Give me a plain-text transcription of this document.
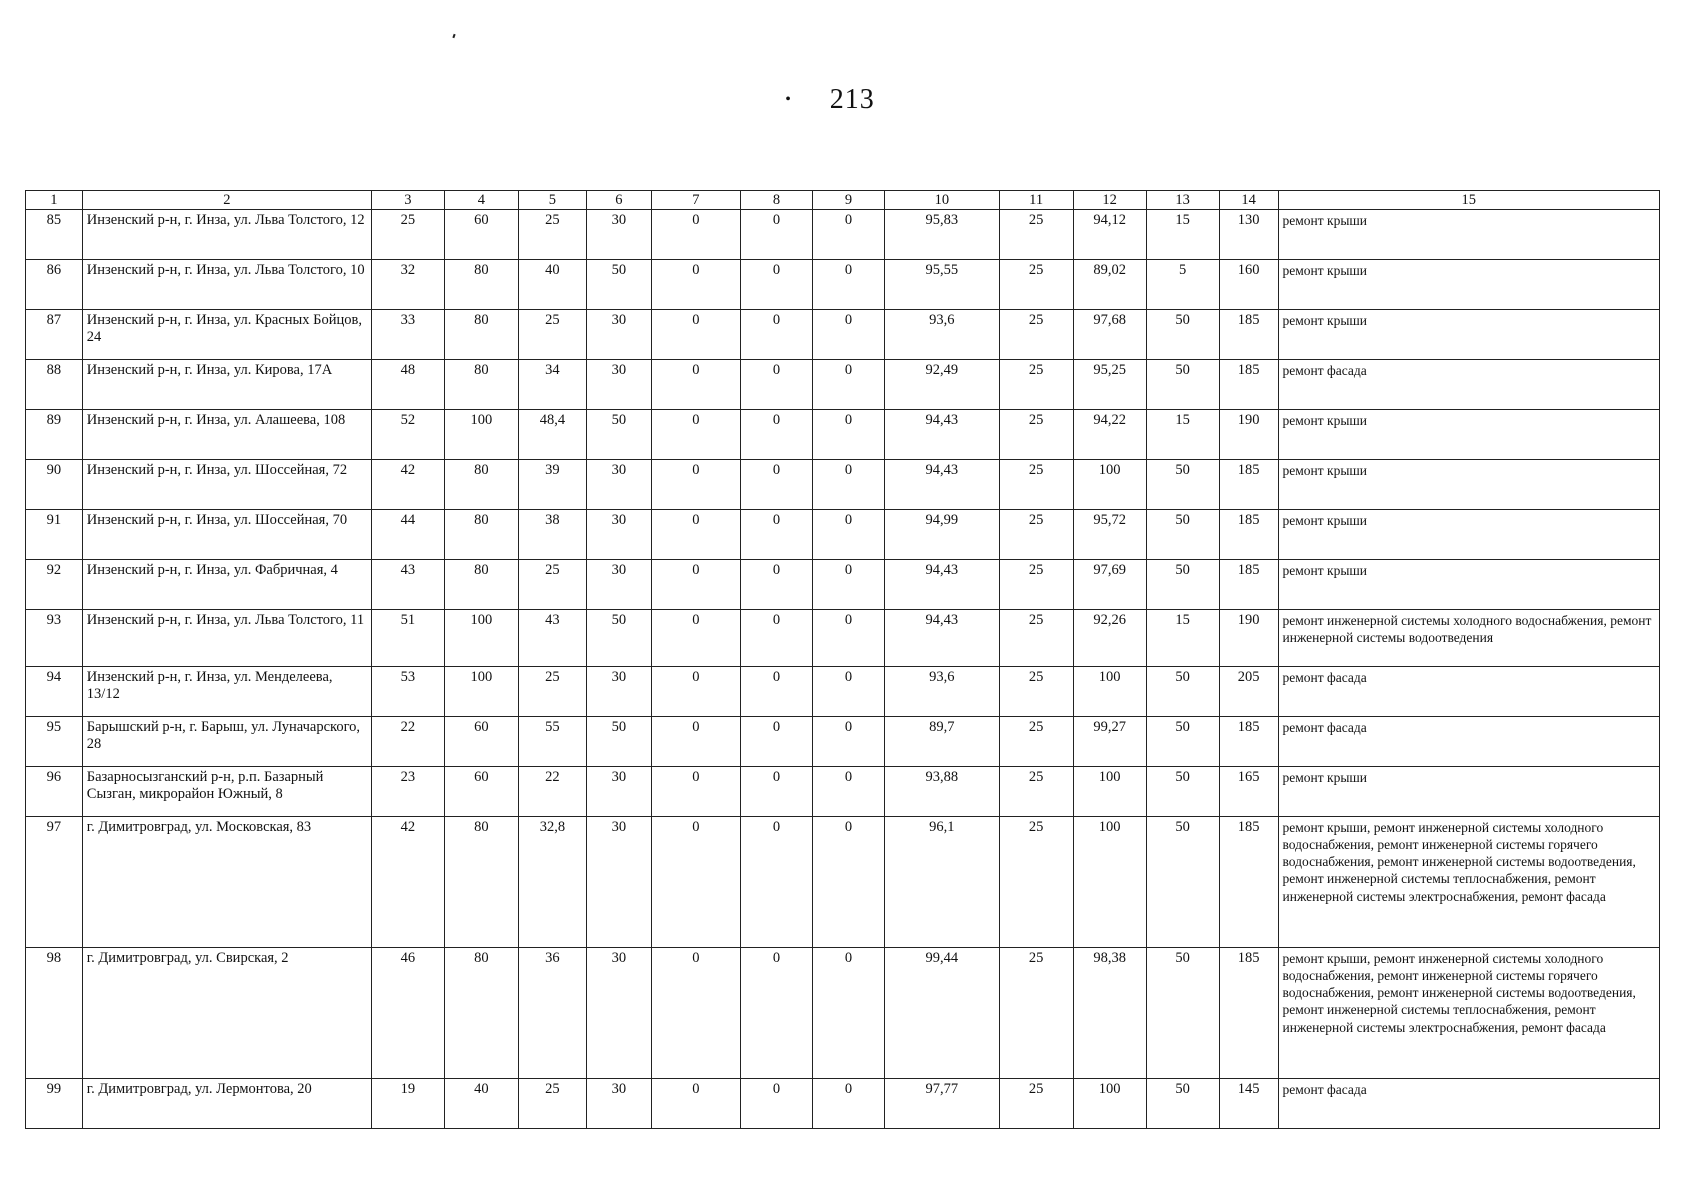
• 213
1	2	3	4	5	6	7	8	9	10	11	12	13	14	15
85	Инзенский р-н, г. Инза, ул. Льва Толстого, 12	25	60	25	30	0	0	0	95,83	25	94,12	15	130	ремонт крыши
86	Инзенский р-н, г. Инза, ул. Льва Толстого, 10	32	80	40	50	0	0	0	95,55	25	89,02	5	160	ремонт крыши
87	Инзенский р-н, г. Инза, ул. Красных Бойцов, 24	33	80	25	30	0	0	0	93,6	25	97,68	50	185	ремонт крыши
88	Инзенский р-н, г. Инза, ул. Кирова, 17А	48	80	34	30	0	0	0	92,49	25	95,25	50	185	ремонт фасада
89	Инзенский р-н, г. Инза, ул. Алашеева, 108	52	100	48,4	50	0	0	0	94,43	25	94,22	15	190	ремонт крыши
90	Инзенский р-н, г. Инза, ул. Шоссейная, 72	42	80	39	30	0	0	0	94,43	25	100	50	185	ремонт крыши
91	Инзенский р-н, г. Инза, ул. Шоссейная, 70	44	80	38	30	0	0	0	94,99	25	95,72	50	185	ремонт крыши
92	Инзенский р-н, г. Инза, ул. Фабричная, 4	43	80	25	30	0	0	0	94,43	25	97,69	50	185	ремонт крыши
93	Инзенский р-н, г. Инза, ул. Льва Толстого, 11	51	100	43	50	0	0	0	94,43	25	92,26	15	190	ремонт инженерной системы холодного водоснабжения, ремонт инженерной системы водоотведения
94	Инзенский р-н, г. Инза, ул. Менделеева, 13/12	53	100	25	30	0	0	0	93,6	25	100	50	205	ремонт фасада
95	Барышский р-н, г. Барыш, ул. Луначарского, 28	22	60	55	50	0	0	0	89,7	25	99,27	50	185	ремонт фасада
96	Базарносызганский р-н, р.п. Базарный Сызган, микрорайон Южный, 8	23	60	22	30	0	0	0	93,88	25	100	50	165	ремонт крыши
97	г. Димитровград, ул. Московская, 83	42	80	32,8	30	0	0	0	96,1	25	100	50	185	ремонт крыши, ремонт инженерной системы холодного водоснабжения, ремонт инженерной системы горячего водоснабжения, ремонт инженерной системы водоотведения, ремонт инженерной системы теплоснабжения, ремонт инженерной системы электроснабжения, ремонт фасада
98	г. Димитровград, ул. Свирская, 2	46	80	36	30	0	0	0	99,44	25	98,38	50	185	ремонт крыши, ремонт инженерной системы холодного водоснабжения, ремонт инженерной системы горячего водоснабжения, ремонт инженерной системы водоотведения, ремонт инженерной системы теплоснабжения, ремонт инженерной системы электроснабжения, ремонт фасада
99	г. Димитровград, ул. Лермонтова, 20	19	40	25	30	0	0	0	97,77	25	100	50	145	ремонт фасада
